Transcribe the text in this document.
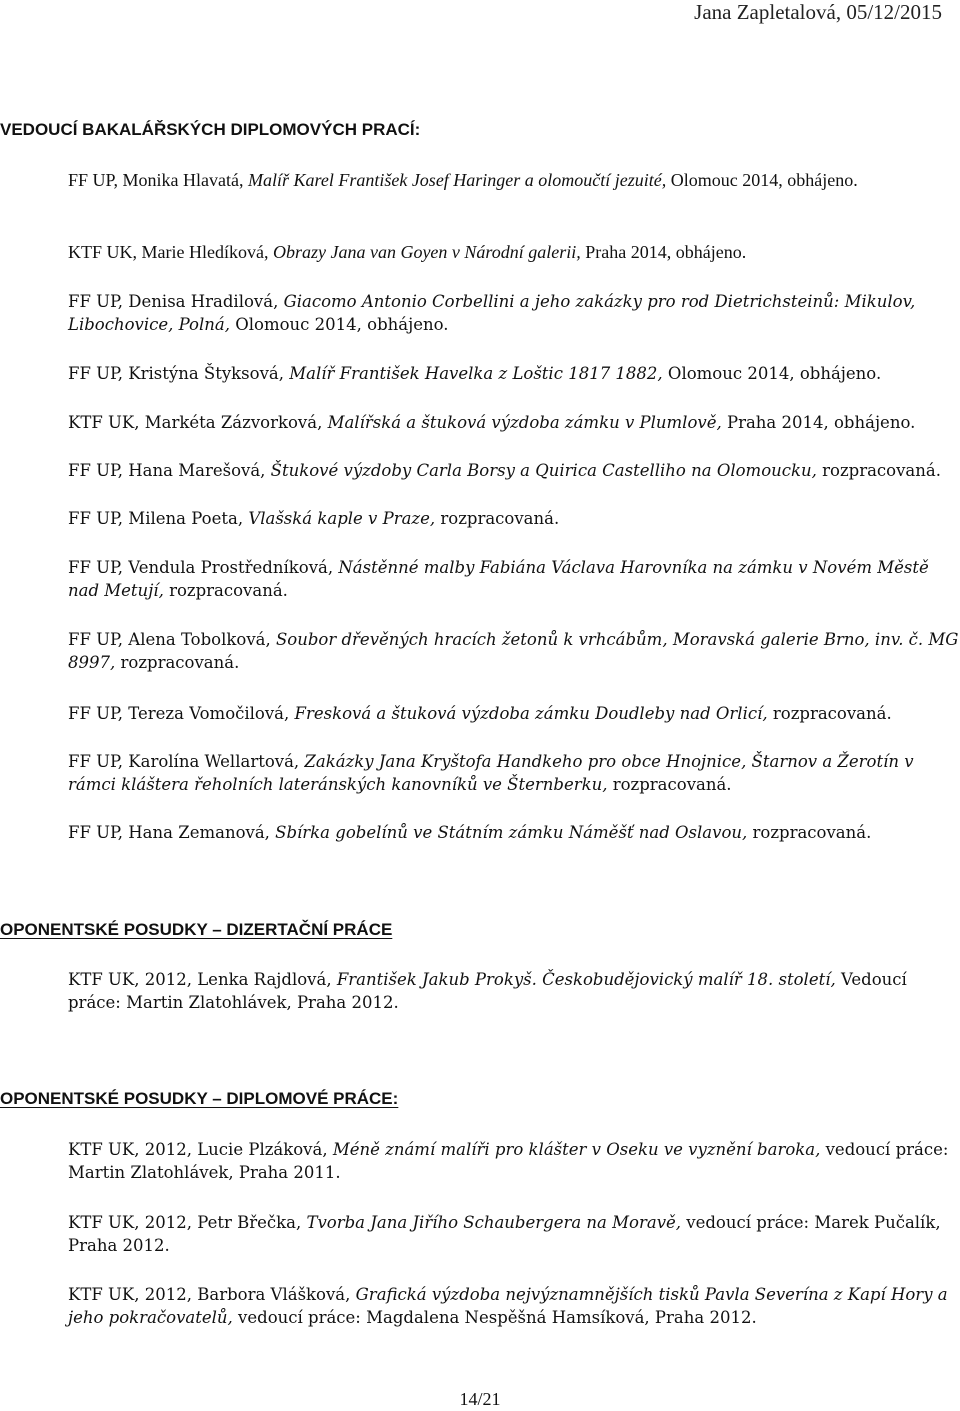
Jana Zapletalová, 05/12/2015
VEDOUCÍ BAKALÁŘSKÝCH DIPLOMOVÝCH PRACÍ:

FF UP, Monika Hlavatá, Malíř Karel František Josef Haringer a olomoučtí jezuité, Olomouc 2014, obhájeno.

KTF UK, Marie Hledíková, Obrazy Jana van Goyen v Národní galerii, Praha 2014, obhájeno.

FF UP, Denisa Hradilová, Giacomo Antonio Corbellini a jeho zakázky pro rod Dietrichsteinů: Mikulov, Libochovice, Polná, Olomouc 2014, obhájeno.

FF UP, Kristýna Štyksová, Malíř František Havelka z Loštic 1817 1882, Olomouc 2014, obhájeno.

KTF UK, Markéta Zázvorková, Malířská a štuková výzdoba zámku v Plumlově, Praha 2014, obhájeno.

FF UP, Hana Marešová, Štukové výzdoby Carla Borsy a Quirica Castelliho na Olomoucku, rozpracovaná.

FF UP, Milena Poeta, Vlašská kaple v Praze, rozpracovaná.

FF UP, Vendula Prostředníková, Nástěnné malby Fabiána Václava Harovníka na zámku v Novém Městě nad Metují, rozpracovaná.

FF UP, Alena Tobolková, Soubor dřevěných hracích žetonů k vrhcábům, Moravská galerie Brno, inv. č. MG 8997, rozpracovaná.

FF UP, Tereza Vomočilová, Fresková a štuková výzdoba zámku Doudleby nad Orlicí, rozpracovaná.

FF UP, Karolína Wellartová, Zakázky Jana Kryštofa Handkeho pro obce Hnojnice, Štarnov a Žerotín v rámci kláštera řeholních lateránských kanovníků ve Šternberku, rozpracovaná.

FF UP, Hana Zemanová, Sbírka gobelínů ve Státním zámku Náměšť nad Oslavou, rozpracovaná.

OPONENTSKÉ POSUDKY – DIZERTAČNÍ PRÁCE

KTF UK, 2012, Lenka Rajdlová, František Jakub Prokyš. Českobudějovický malíř 18. století, Vedoucí práce: Martin Zlatohlávek, Praha 2012.

OPONENTSKÉ POSUDKY – DIPLOMOVÉ PRÁCE:

KTF UK, 2012, Lucie Plzáková, Méně známí malíři pro klášter v Oseku ve vyznění baroka, vedoucí práce: Martin Zlatohlávek, Praha 2011.

KTF UK, 2012, Petr Břečka, Tvorba Jana Jiřího Schaubergera na Moravě, vedoucí práce: Marek Pučalík, Praha 2012.

KTF UK, 2012, Barbora Vlášková, Grafická výzdoba nejvýznamnějších tisků Pavla Severína z Kapí Hory a jeho pokračovatelů, vedoucí práce: Magdalena Nespěšná Hamsíková, Praha 2012.

14/21
